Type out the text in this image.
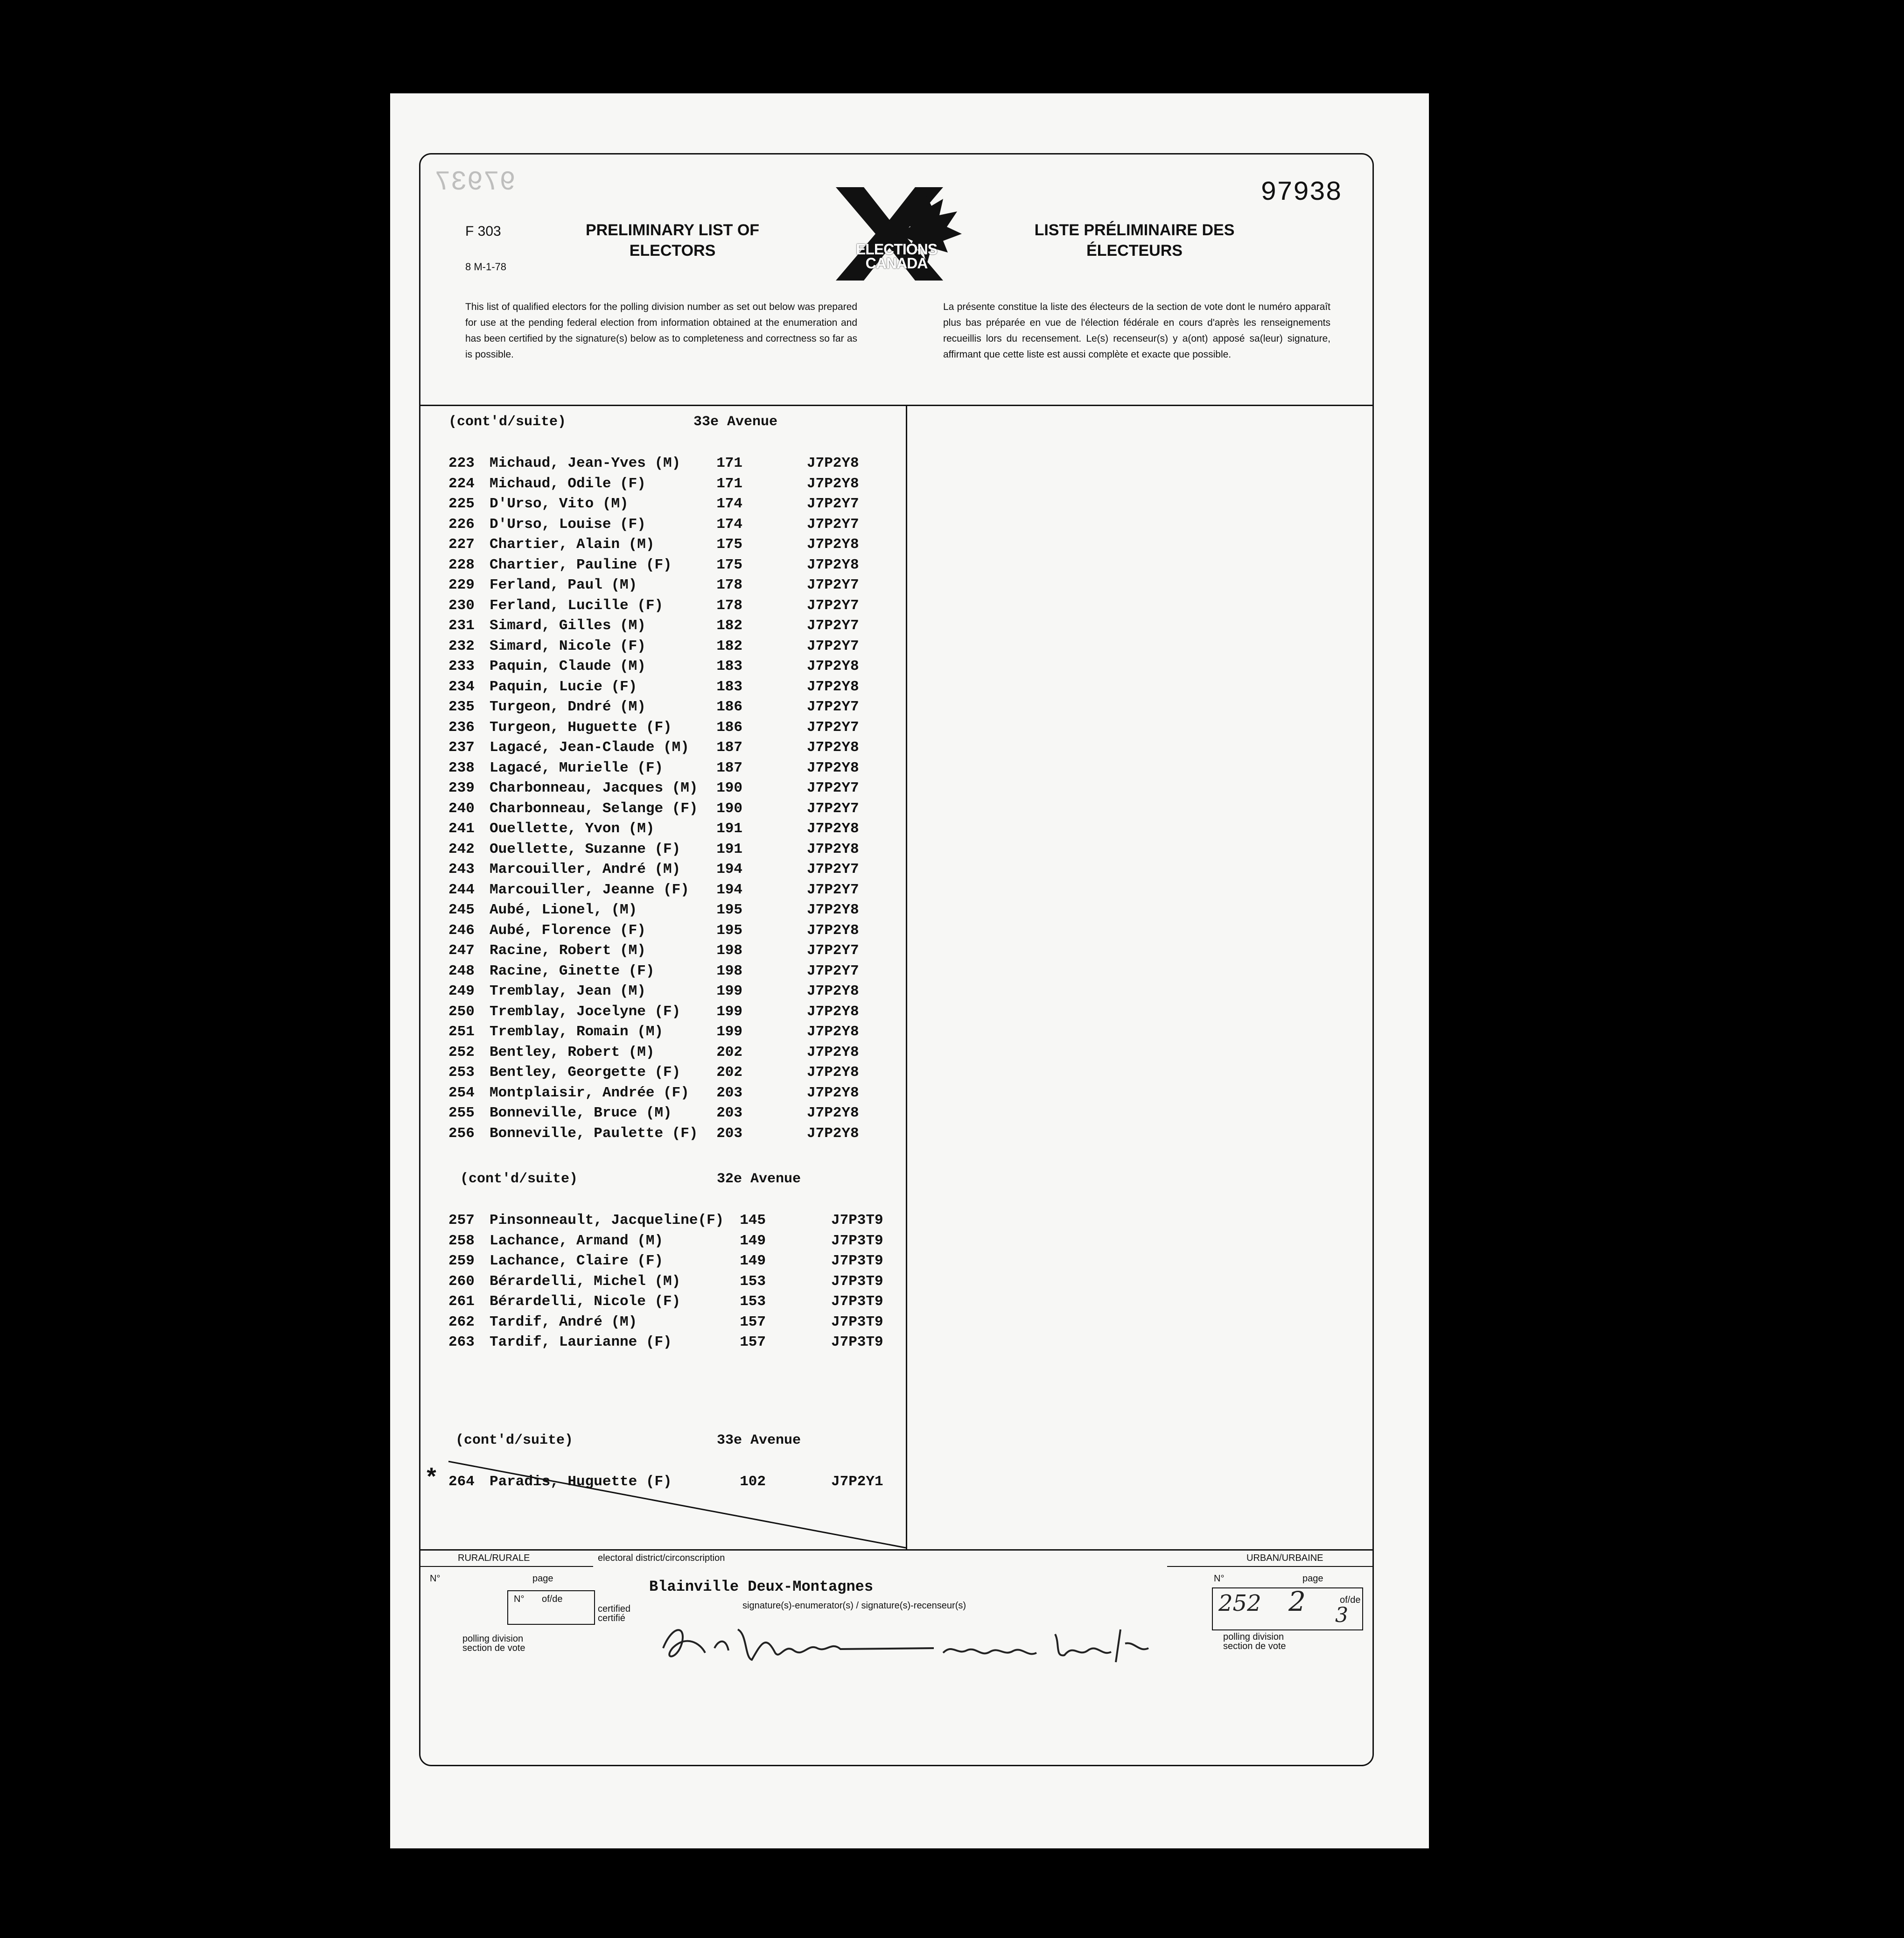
97937	97938
F 303
8 M-1-78
PRELIMINARY LIST OF
ELECTORS	ELECTIONS
CANADA
LISTE PRÉLIMINAIRE DES
ÉLECTEURS
This list of qualified electors for the polling division number as set out below was prepared for use at the pending federal election from information obtained at the enumeration and has been certified by the signature(s) below as to completeness and correctness so far as is possible.
La présente constitue la liste des électeurs de la section de vote dont le numéro apparaît plus bas préparée en vue de l'élection fédérale en cours d'après les renseignements recueillis lors du recensement. Le(s) recenseur(s) y a(ont) apposé sa(leur) signature, affirmant que cette liste est aussi complète et exacte que possible.
(cont'd/suite)	33e Avenue
223 Michaud, Jean-Yves (M)	171	J7P2Y8
224 Michaud, Odile (F)	171	J7P2Y8
225 D'Urso, Vito (M)	174	J7P2Y7
226 D'Urso, Louise (F)	174	J7P2Y7
227 Chartier, Alain (M)	175	J7P2Y8
228 Chartier, Pauline (F)	175	J7P2Y8
229 Ferland, Paul (M)	178	J7P2Y7
230 Ferland, Lucille (F)	178	J7P2Y7
231 Simard, Gilles (M)	182	J7P2Y7
232 Simard, Nicole (F)	182	J7P2Y7
233 Paquin, Claude (M)	183	J7P2Y8
234 Paquin, Lucie (F)	183	J7P2Y8
235 Turgeon, Dndré (M)	186	J7P2Y7
236 Turgeon, Huguette (F)	186	J7P2Y7
237 Lagacé, Jean-Claude (M)	187	J7P2Y8
238 Lagacé, Murielle (F)	187	J7P2Y8
239 Charbonneau, Jacques (M)	190	J7P2Y7
240 Charbonneau, Selange (F)	190	J7P2Y7
241 Ouellette, Yvon (M)	191	J7P2Y8
242 Ouellette, Suzanne (F)	191	J7P2Y8
243 Marcouiller, André (M)	194	J7P2Y7
244 Marcouiller, Jeanne (F)	194	J7P2Y7
245 Aubé, Lionel, (M)	195	J7P2Y8
246 Aubé, Florence (F)	195	J7P2Y8
247 Racine, Robert (M)	198	J7P2Y7
248 Racine, Ginette (F)	198	J7P2Y7
249 Tremblay, Jean (M)	199	J7P2Y8
250 Tremblay, Jocelyne (F)	199	J7P2Y8
251 Tremblay, Romain (M)	199	J7P2Y8
252 Bentley, Robert (M)	202	J7P2Y8
253 Bentley, Georgette (F)	202	J7P2Y8
254 Montplaisir, Andrée (F)	203	J7P2Y8
255 Bonneville, Bruce (M)	203	J7P2Y8
256 Bonneville, Paulette (F)	203	J7P2Y8
(cont'd/suite)	32e Avenue
257 Pinsonneault, Jacqueline(F)	145	J7P3T9
258 Lachance, Armand (M)	149	J7P3T9
259 Lachance, Claire (F)	149	J7P3T9
260 Bérardelli, Michel (M)	153	J7P3T9
261 Bérardelli, Nicole (F)	153	J7P3T9
262 Tardif, André (M)	157	J7P3T9
263 Tardif, Laurianne (F)	157	J7P3T9
(cont'd/suite)	33e Avenue
264 Paradis, Huguette (F)	102	J7P2Y1
*
RURAL/RURALE	electoral district/circonscription	URBAN/URBAINE
N°	page
N° of/de
Blainville Deux-Montagnes
certified
certifié
signature(s)-enumerator(s) / signature(s)-recenseur(s)
N°	page
of/de
252 2 3
polling division
section de vote
polling division
section de vote
